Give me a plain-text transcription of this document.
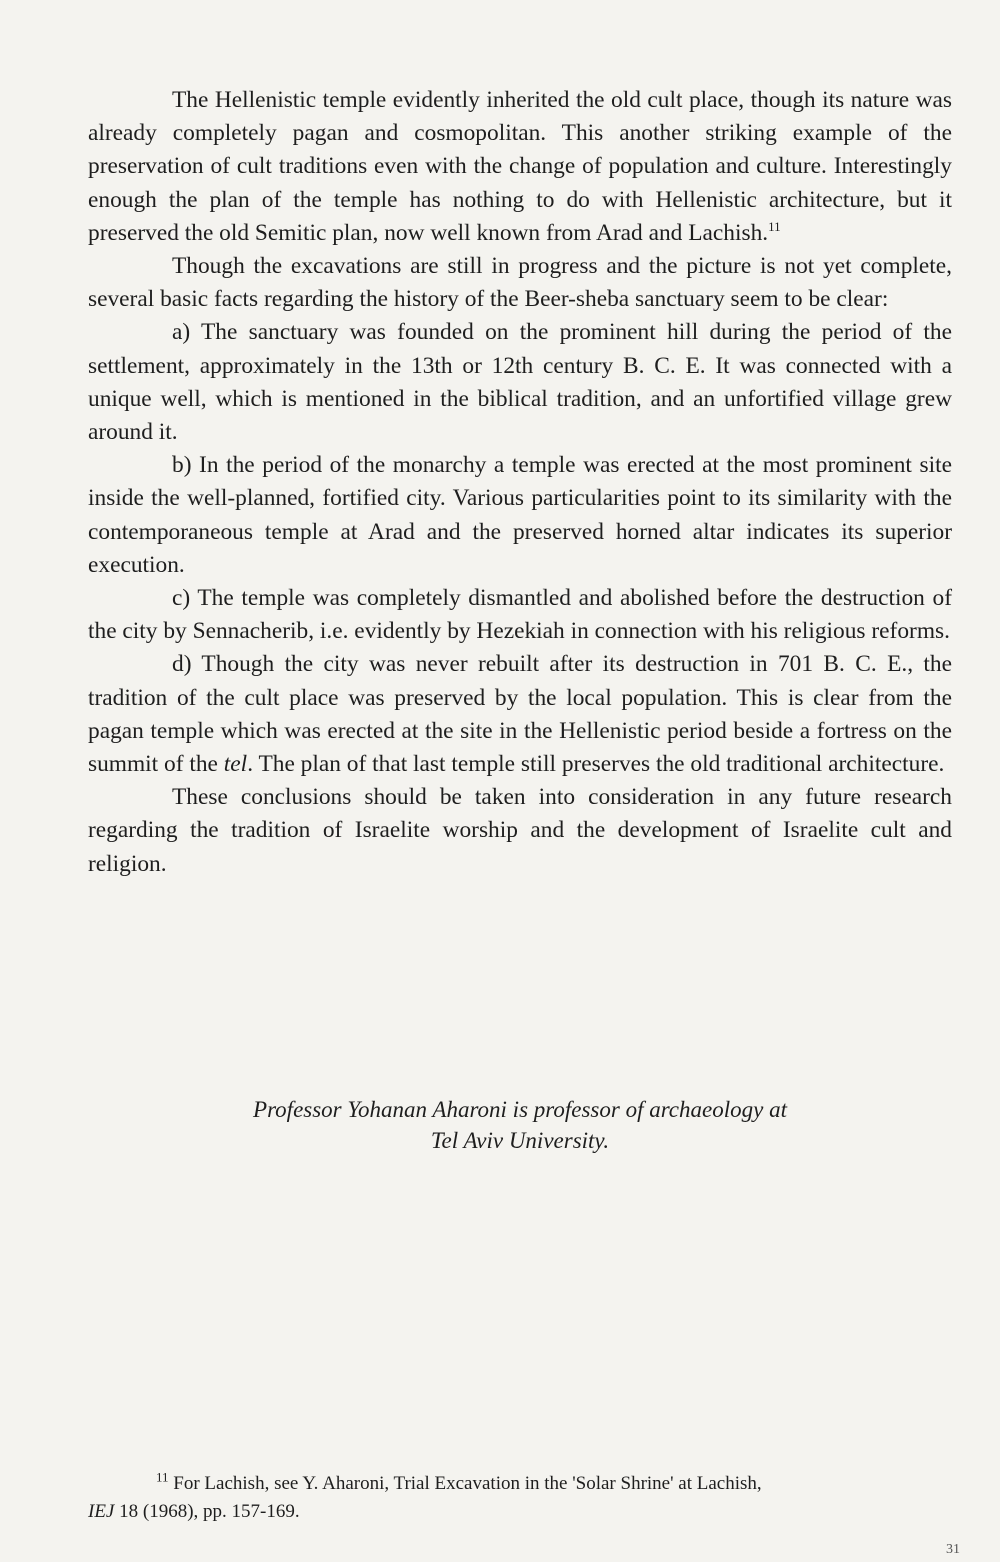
The Hellenistic temple evidently inherited the old cult place, though its nature was already completely pagan and cosmopolitan. This another striking example of the preservation of cult traditions even with the change of population and culture. Interestingly enough the plan of the temple has nothing to do with Hellenistic architecture, but it preserved the old Semitic plan, now well known from Arad and Lachish.$^{11}$

Though the excavations are still in progress and the picture is not yet complete, several basic facts regarding the history of the Beer-sheba sanctuary seem to be clear:

a) The sanctuary was founded on the prominent hill during the period of the settlement, approximately in the 13th or 12th century B. C. E. It was connected with a unique well, which is mentioned in the biblical tradition, and an unfortified village grew around it.

b) In the period of the monarchy a temple was erected at the most prominent site inside the well-planned, fortified city. Various particularities point to its similarity with the contemporaneous temple at Arad and the preserved horned altar indicates its superior execution.

c) The temple was completely dismantled and abolished before the destruction of the city by Sennacherib, i.e. evidently by Hezekiah in connection with his religious reforms.

d) Though the city was never rebuilt after its destruction in 701 B. C. E., the tradition of the cult place was preserved by the local population. This is clear from the pagan temple which was erected at the site in the Hellenistic period beside a fortress on the summit of the tel. The plan of that last temple still preserves the old traditional architecture.

These conclusions should be taken into consideration in any future research regarding the tradition of Israelite worship and the development of Israelite cult and religion.

Professor Yohanan Aharoni is professor of archaeology at
Tel Aviv University.
$^{11}$ For Lachish, see Y. Aharoni, Trial Excavation in the 'Solar Shrine' at Lachish,
IEJ 18 (1968), pp. 157-169.
31
